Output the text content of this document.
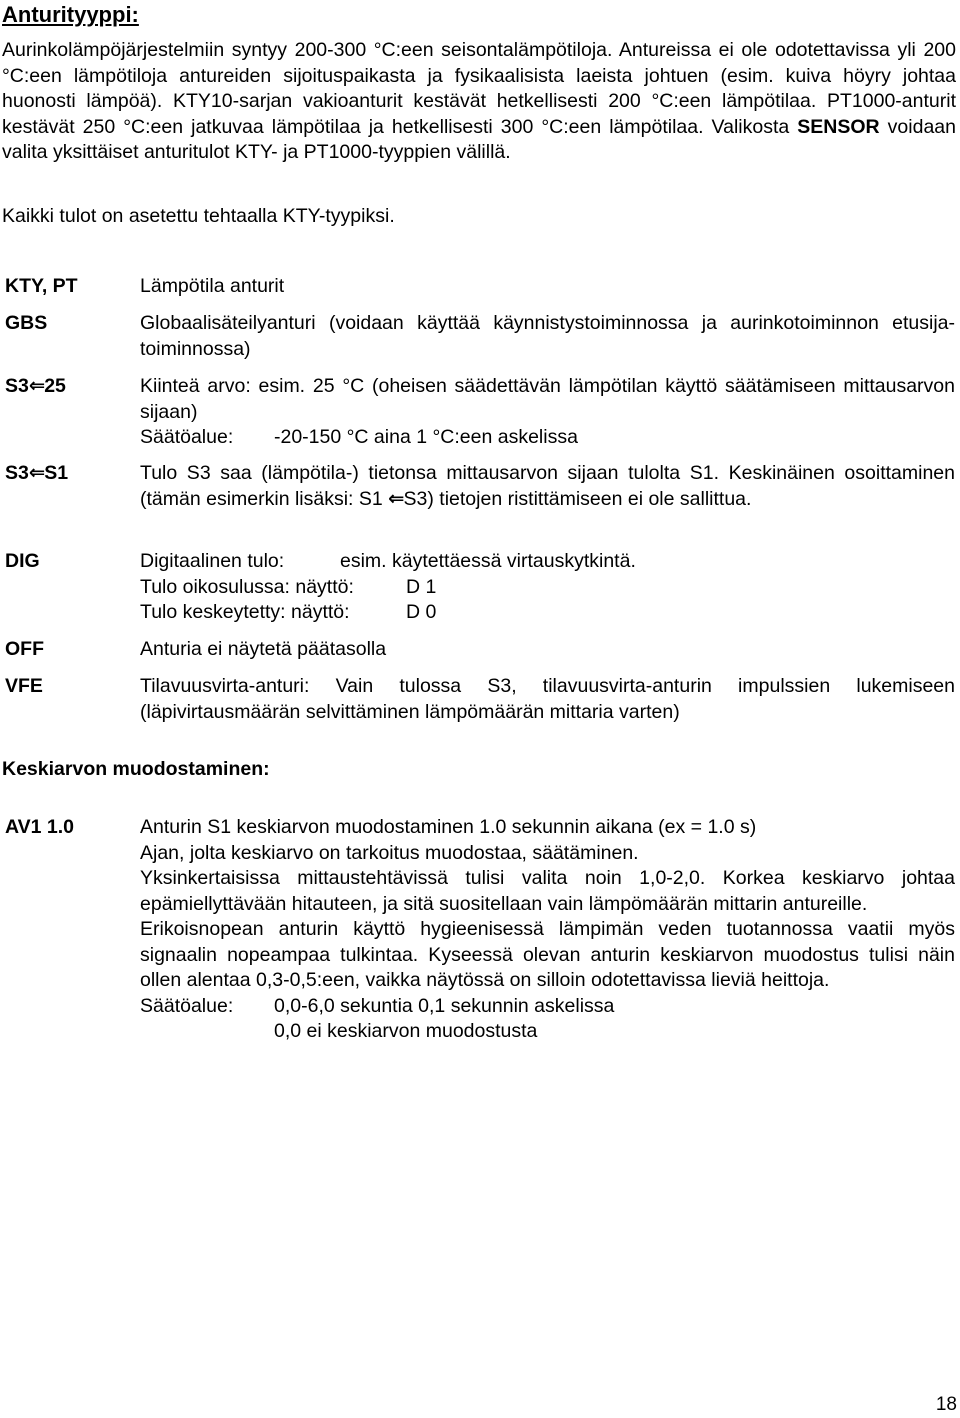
Anturityyppi:

Aurinkolämpöjärjestelmiin syntyy 200-300 °C:een seisontalämpötiloja. Antureissa ei ole odotettavissa yli 200 °C:een lämpötiloja antureiden sijoituspaikasta ja fysikaalisista laeista johtuen (esim. kuiva höyry johtaa huonosti lämpöä). KTY10-sarjan vakioanturit kestävät hetkellisesti 200 °C:een lämpötilaa. PT1000-anturit kestävät 250 °C:een jatkuvaa lämpötilaa ja hetkellisesti 300 °C:een lämpötilaa. Valikosta SENSOR voidaan valita yksittäiset anturitulot KTY- ja PT1000-tyyppien välillä.

Kaikki tulot on asetettu tehtaalla KTY-tyypiksi.

KTY, PT	Lämpötila anturit

GBS	Globaalisäteilyanturi (voidaan käyttää käynnistystoiminnossa ja aurinkotoiminnon etusija-toiminnossa)

S3⇐25	Kiinteä arvo: esim. 25 °C (oheisen säädettävän lämpötilan käyttö säätämiseen mittausarvon sijaan)

Säätöalue: -20-150 °C aina 1 °C:een askelissa

S3⇐S1	Tulo S3 saa (lämpötila-) tietonsa mittausarvon sijaan tulolta S1. Keskinäinen osoittaminen (tämän esimerkin lisäksi: S1 ⇐S3) tietojen ristittämiseen ei ole sallittua.

DIG	Digitaalinen tulo:	esim. käytettäessä virtauskytkintä.

Tulo oikosulussa: näyttö:	D 1

Tulo keskeytetty: näyttö:	D 0

OFF	Anturia ei näytetä päätasolla

VFE	Tilavuusvirta-anturi: Vain tulossa S3, tilavuusvirta-anturin impulssien lukemiseen (läpivirtausmäärän selvittäminen lämpömäärän mittaria varten)

Keskiarvon muodostaminen:

AV1 1.0	Anturin S1 keskiarvon muodostaminen 1.0 sekunnin aikana (ex = 1.0 s)

Ajan, jolta keskiarvo on tarkoitus muodostaa, säätäminen.

Yksinkertaisissa mittaustehtävissä tulisi valita noin 1,0-2,0. Korkea keskiarvo johtaa epämiellyttävään hitauteen, ja sitä suositellaan vain lämpömäärän mittarin antureille.

Erikoisnopean anturin käyttö hygieenisessä lämpimän veden tuotannossa vaatii myös signaalin nopeampaa tulkintaa. Kyseessä olevan anturin keskiarvon muodostus tulisi näin ollen alentaa 0,3-0,5:een, vaikka näytössä on silloin odotettavissa lieviä heittoja.

Säätöalue: 0,0-6,0 sekuntia 0,1 sekunnin askelissa

0,0 ei keskiarvon muodostusta

18
